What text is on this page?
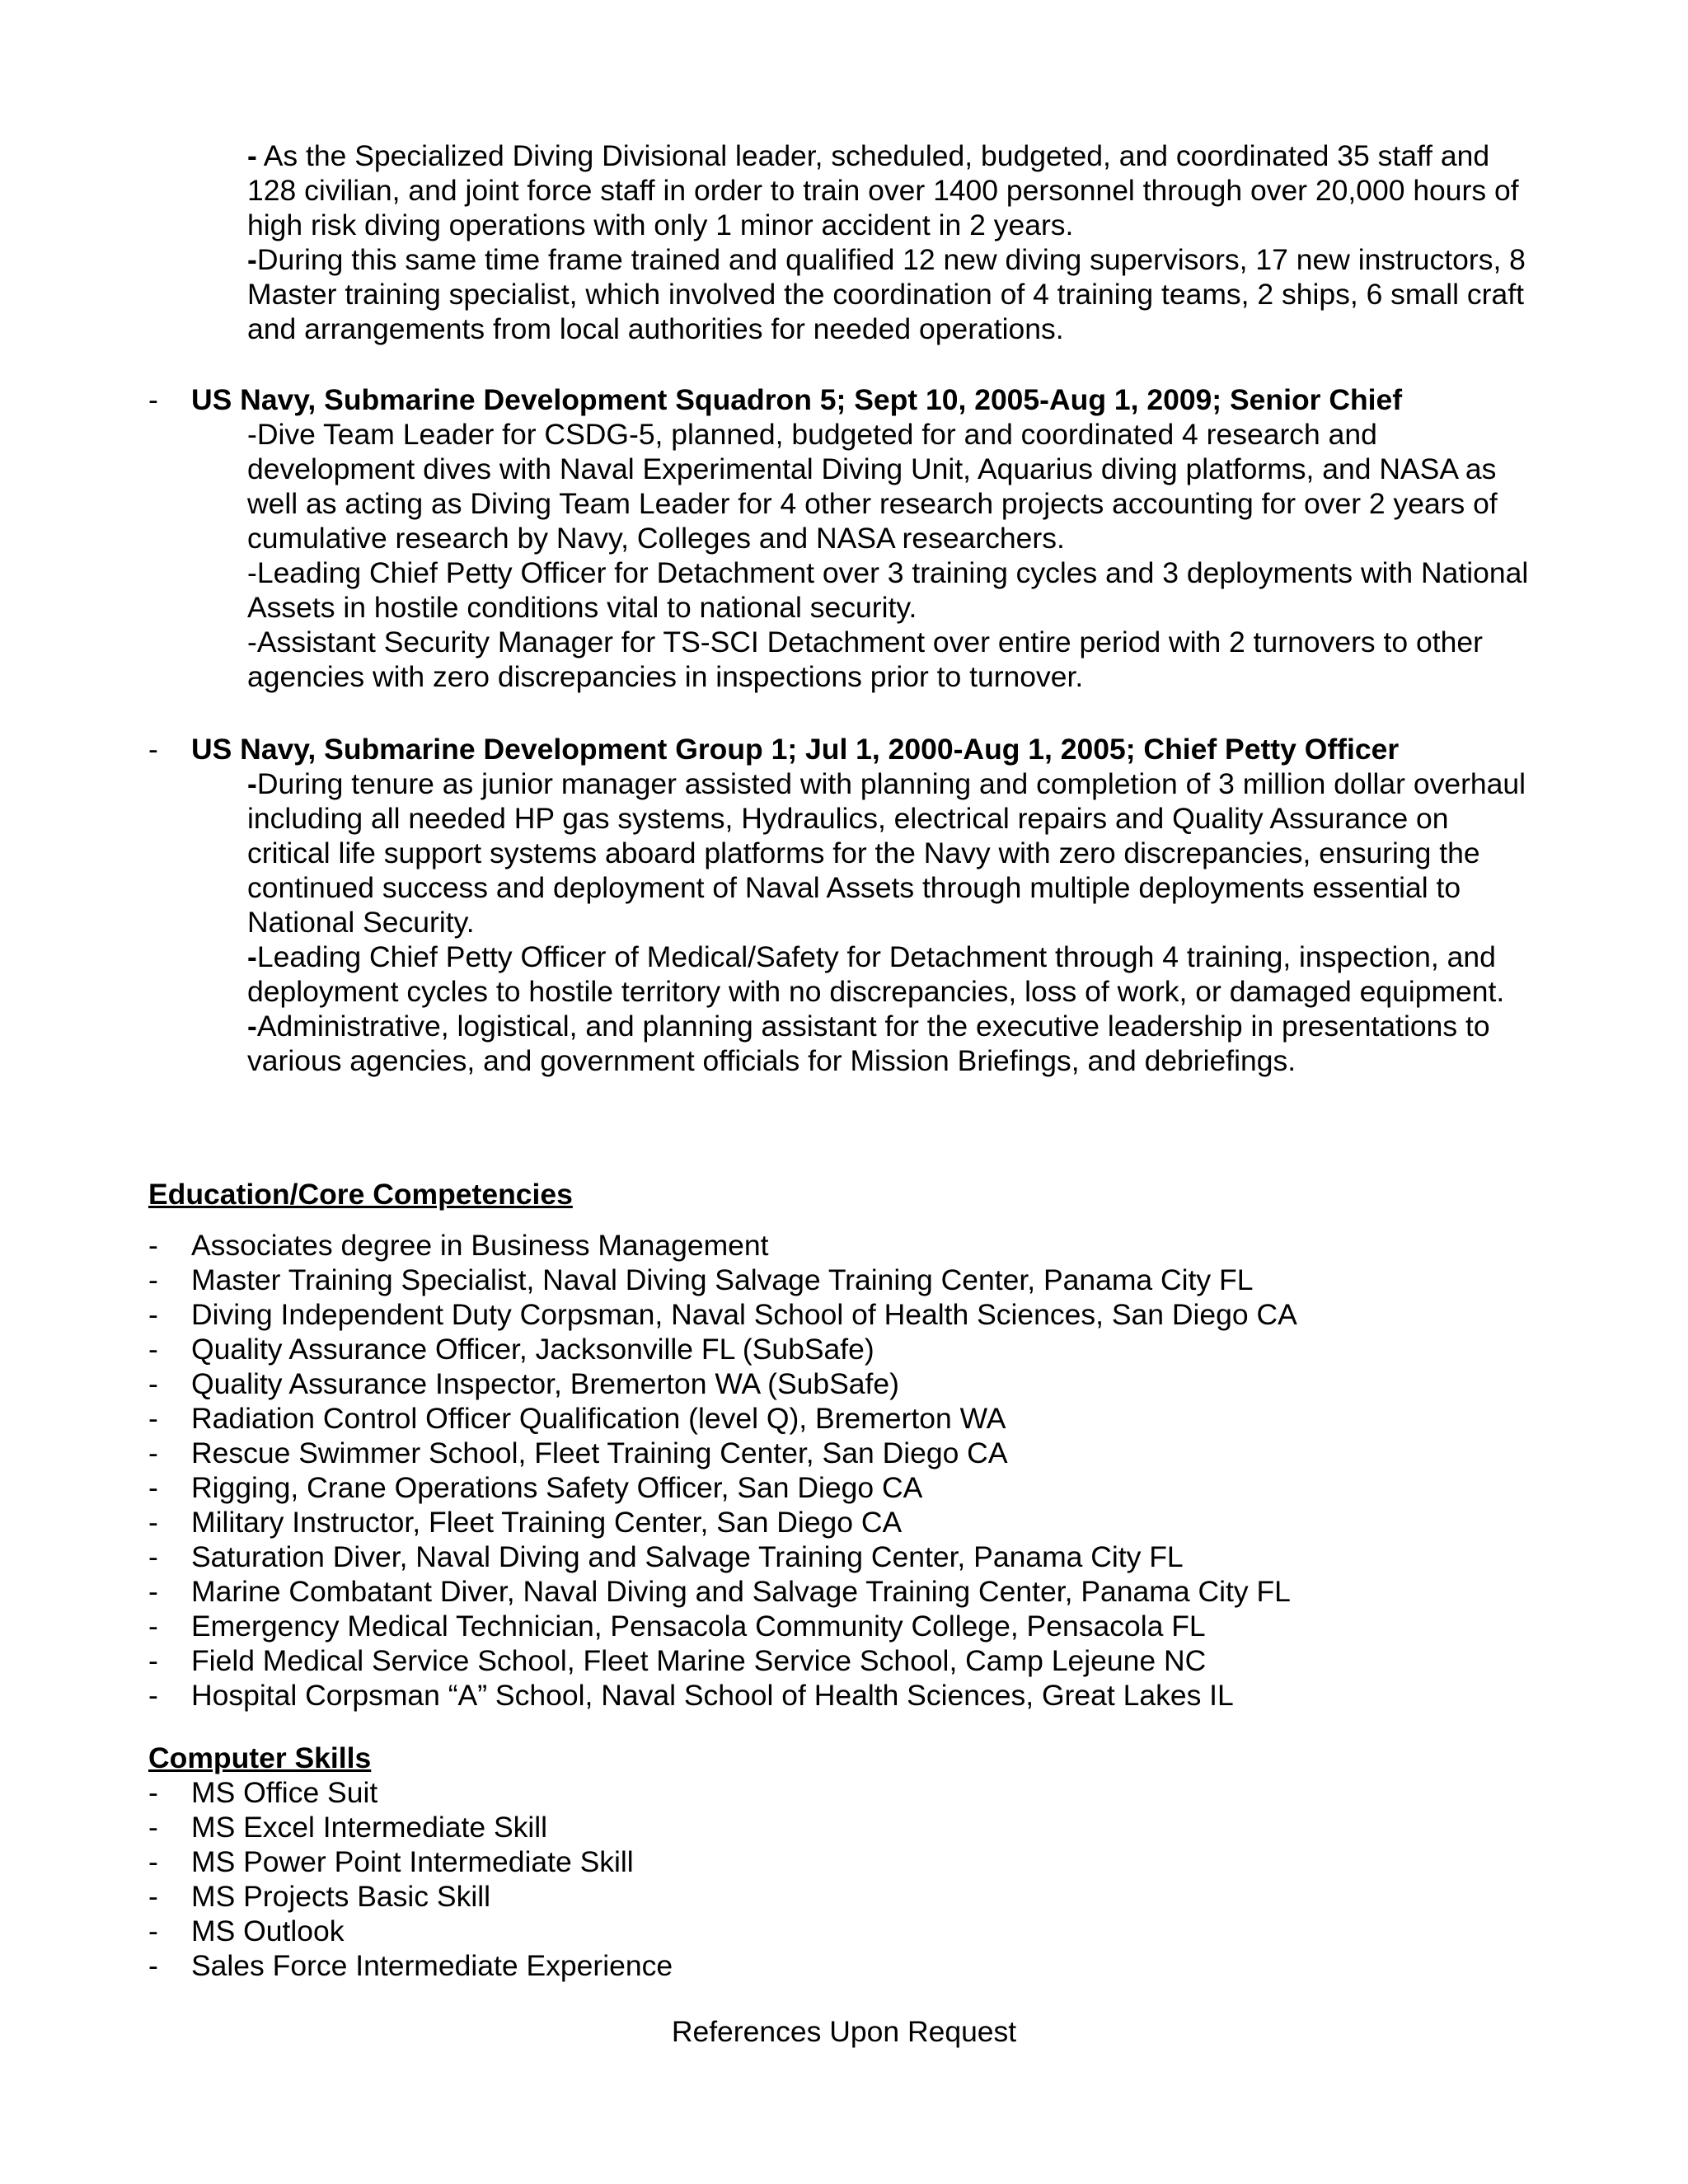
- As the Specialized Diving Divisional leader, scheduled, budgeted, and coordinated 35 staff and 128 civilian, and joint force staff in order to train over 1400 personnel through over 20,000 hours of high risk diving operations with only 1 minor accident in 2 years.

-During this same time frame trained and qualified 12 new diving supervisors, 17 new instructors, 8 Master training specialist, which involved the coordination of 4 training teams, 2 ships, 6 small craft and arrangements from local authorities for needed operations.

- US Navy, Submarine Development Squadron 5; Sept 10, 2005-Aug 1, 2009; Senior Chief

-Dive Team Leader for CSDG-5, planned, budgeted for and coordinated 4 research and development dives with Naval Experimental Diving Unit, Aquarius diving platforms, and NASA as well as acting as Diving Team Leader for 4 other research projects accounting for over 2 years of cumulative research by Navy, Colleges and NASA researchers.

-Leading Chief Petty Officer for Detachment over 3 training cycles and 3 deployments with National Assets in hostile conditions vital to national security.

-Assistant Security Manager for TS-SCI Detachment over entire period with 2 turnovers to other agencies with zero discrepancies in inspections prior to turnover.

- US Navy, Submarine Development Group 1; Jul 1, 2000-Aug 1, 2005; Chief Petty Officer

-During tenure as junior manager assisted with planning and completion of 3 million dollar overhaul including all needed HP gas systems, Hydraulics, electrical repairs and Quality Assurance on critical life support systems aboard platforms for the Navy with zero discrepancies, ensuring the continued success and deployment of Naval Assets through multiple deployments essential to National Security.

-Leading Chief Petty Officer of Medical/Safety for Detachment through 4 training, inspection, and deployment cycles to hostile territory with no discrepancies, loss of work, or damaged equipment.

-Administrative, logistical, and planning assistant for the executive leadership in presentations to various agencies, and government officials for Mission Briefings, and debriefings.

Education/Core Competencies
- Associates degree in Business Management
- Master Training Specialist, Naval Diving Salvage Training Center, Panama City FL
- Diving Independent Duty Corpsman, Naval School of Health Sciences, San Diego CA
- Quality Assurance Officer, Jacksonville FL (SubSafe)
- Quality Assurance Inspector, Bremerton WA (SubSafe)
- Radiation Control Officer Qualification (level Q), Bremerton WA
- Rescue Swimmer School, Fleet Training Center, San Diego CA
- Rigging, Crane Operations Safety Officer, San Diego CA
- Military Instructor, Fleet Training Center, San Diego CA
- Saturation Diver, Naval Diving and Salvage Training Center, Panama City FL
- Marine Combatant Diver, Naval Diving and Salvage Training Center, Panama City FL
- Emergency Medical Technician, Pensacola Community College, Pensacola FL
- Field Medical Service School, Fleet Marine Service School, Camp Lejeune NC
- Hospital Corpsman “A” School, Naval School of Health Sciences, Great Lakes IL
Computer Skills
- MS Office Suit
- MS Excel Intermediate Skill
- MS Power Point Intermediate Skill
- MS Projects Basic Skill
- MS Outlook
- Sales Force Intermediate Experience
References Upon Request
